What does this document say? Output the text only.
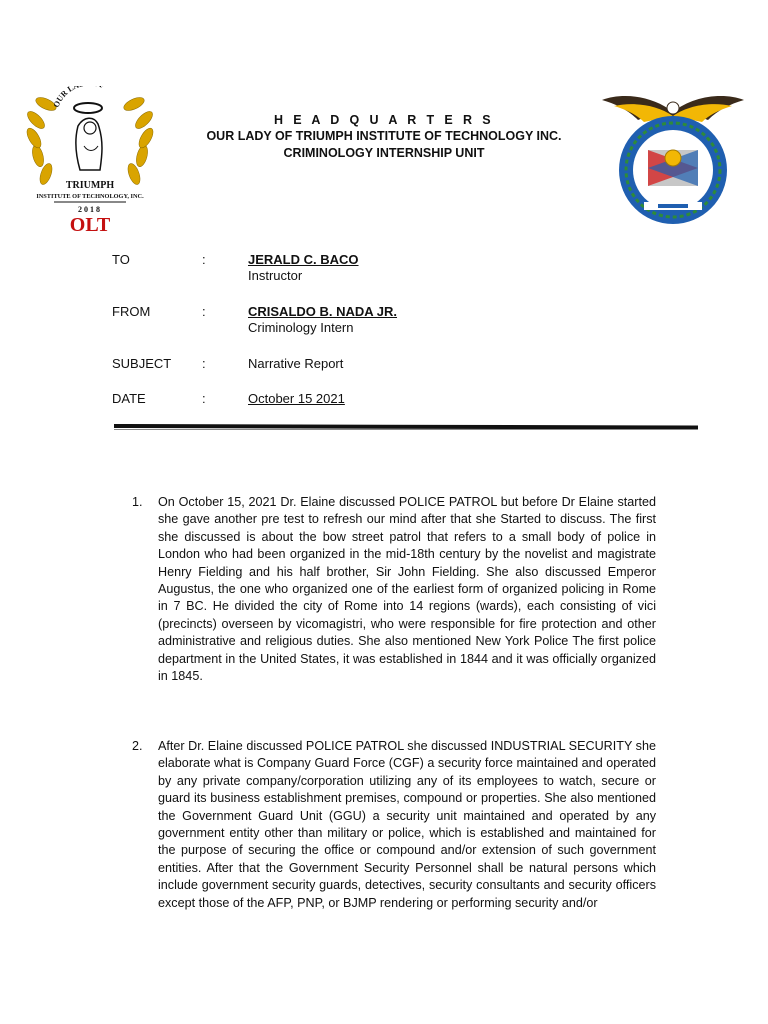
OUR L
TRIUMPH
INSTITUTE OF TECHNOLOGY, INC.
2018
OLT
H E A D Q U A R T E R S
OUR LADY OF TRIUMPH INSTITUTE OF TECHNOLOGY INC.
CRIMINOLOGY INTERNSHIP UNIT
TO	:	JERALD C. BACO
Instructor
FROM	:	CRISALDO B. NADA JR.
Criminology Intern
SUBJECT	:	Narrative Report
DATE	:	October 15 2021
1.	On October 15, 2021 Dr. Elaine discussed POLICE PATROL but before Dr Elaine started she gave another pre test to refresh our mind after that she Started to discuss. The first she discussed is about the bow street patrol that refers to a small body of police in London who had been organized in the mid-18th century by the novelist and magistrate Henry Fielding and his half brother, Sir John Fielding. She also discussed Emperor Augustus, the one who organized one of the earliest form of organized policing in Rome in 7 BC. He divided the city of Rome into 14 regions (wards), each consisting of vici (precincts) overseen by vicomagistri, who were responsible for fire protection and other administrative and religious duties. She also mentioned New York Police The first police department in the United States, it was established in 1844 and it was officially organized in 1845.
2.	After Dr. Elaine discussed POLICE PATROL she discussed INDUSTRIAL SECURITY she elaborate what is Company Guard Force (CGF) a security force maintained and operated by any private company/corporation utilizing any of its employees to watch, secure or guard its business establishment premises, compound or properties. She also mentioned the Government Guard Unit (GGU) a security unit maintained and operated by any government entity other than military or police, which is established and maintained for the purpose of securing the office or compound and/or extension of such government entities. After that the Government Security Personnel shall be natural persons which include government security guards, detectives, security consultants and security officers except those of the AFP, PNP, or BJMP rendering or performing security and/or
